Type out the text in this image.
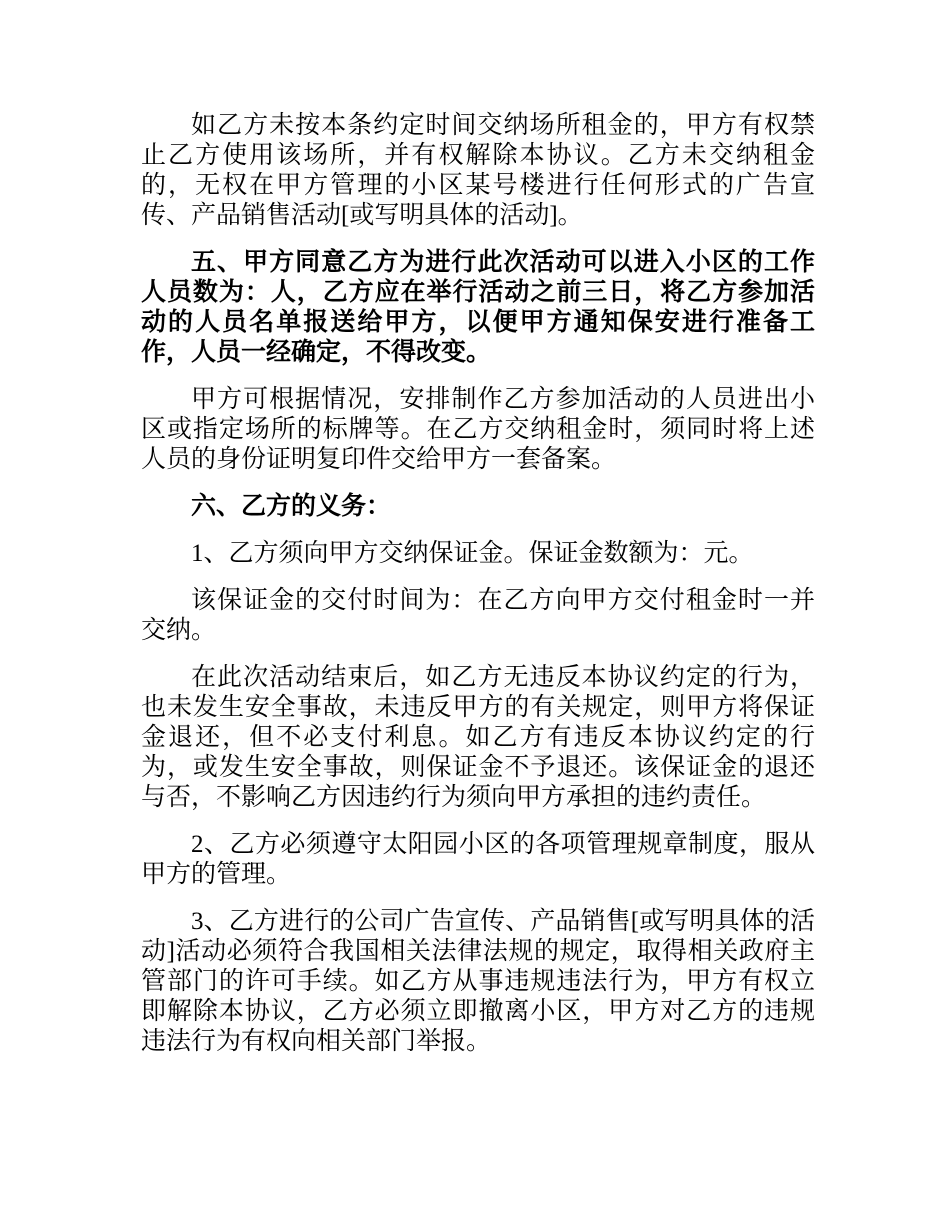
如乙方未按本条约定时间交纳场所租金的，甲方有权禁止乙方使用该场所，并有权解除本协议。乙方未交纳租金的，无权在甲方管理的小区某号楼进行任何形式的广告宣传、产品销售活动[或写明具体的活动]。

五、甲方同意乙方为进行此次活动可以进入小区的工作人员数为：人，乙方应在举行活动之前三日，将乙方参加活动的人员名单报送给甲方，以便甲方通知保安进行准备工作，人员一经确定，不得改变。

甲方可根据情况，安排制作乙方参加活动的人员进出小区或指定场所的标牌等。在乙方交纳租金时，须同时将上述人员的身份证明复印件交给甲方一套备案。

六、乙方的义务：

1、乙方须向甲方交纳保证金。保证金数额为：元。

该保证金的交付时间为：在乙方向甲方交付租金时一并交纳。

在此次活动结束后，如乙方无违反本协议约定的行为，也未发生安全事故，未违反甲方的有关规定，则甲方将保证金退还，但不必支付利息。如乙方有违反本协议约定的行为，或发生安全事故，则保证金不予退还。该保证金的退还与否，不影响乙方因违约行为须向甲方承担的违约责任。

2、乙方必须遵守太阳园小区的各项管理规章制度，服从甲方的管理。

3、乙方进行的公司广告宣传、产品销售[或写明具体的活动]活动必须符合我国相关法律法规的规定，取得相关政府主管部门的许可手续。如乙方从事违规违法行为，甲方有权立即解除本协议，乙方必须立即撤离小区，甲方对乙方的违规违法行为有权向相关部门举报。
